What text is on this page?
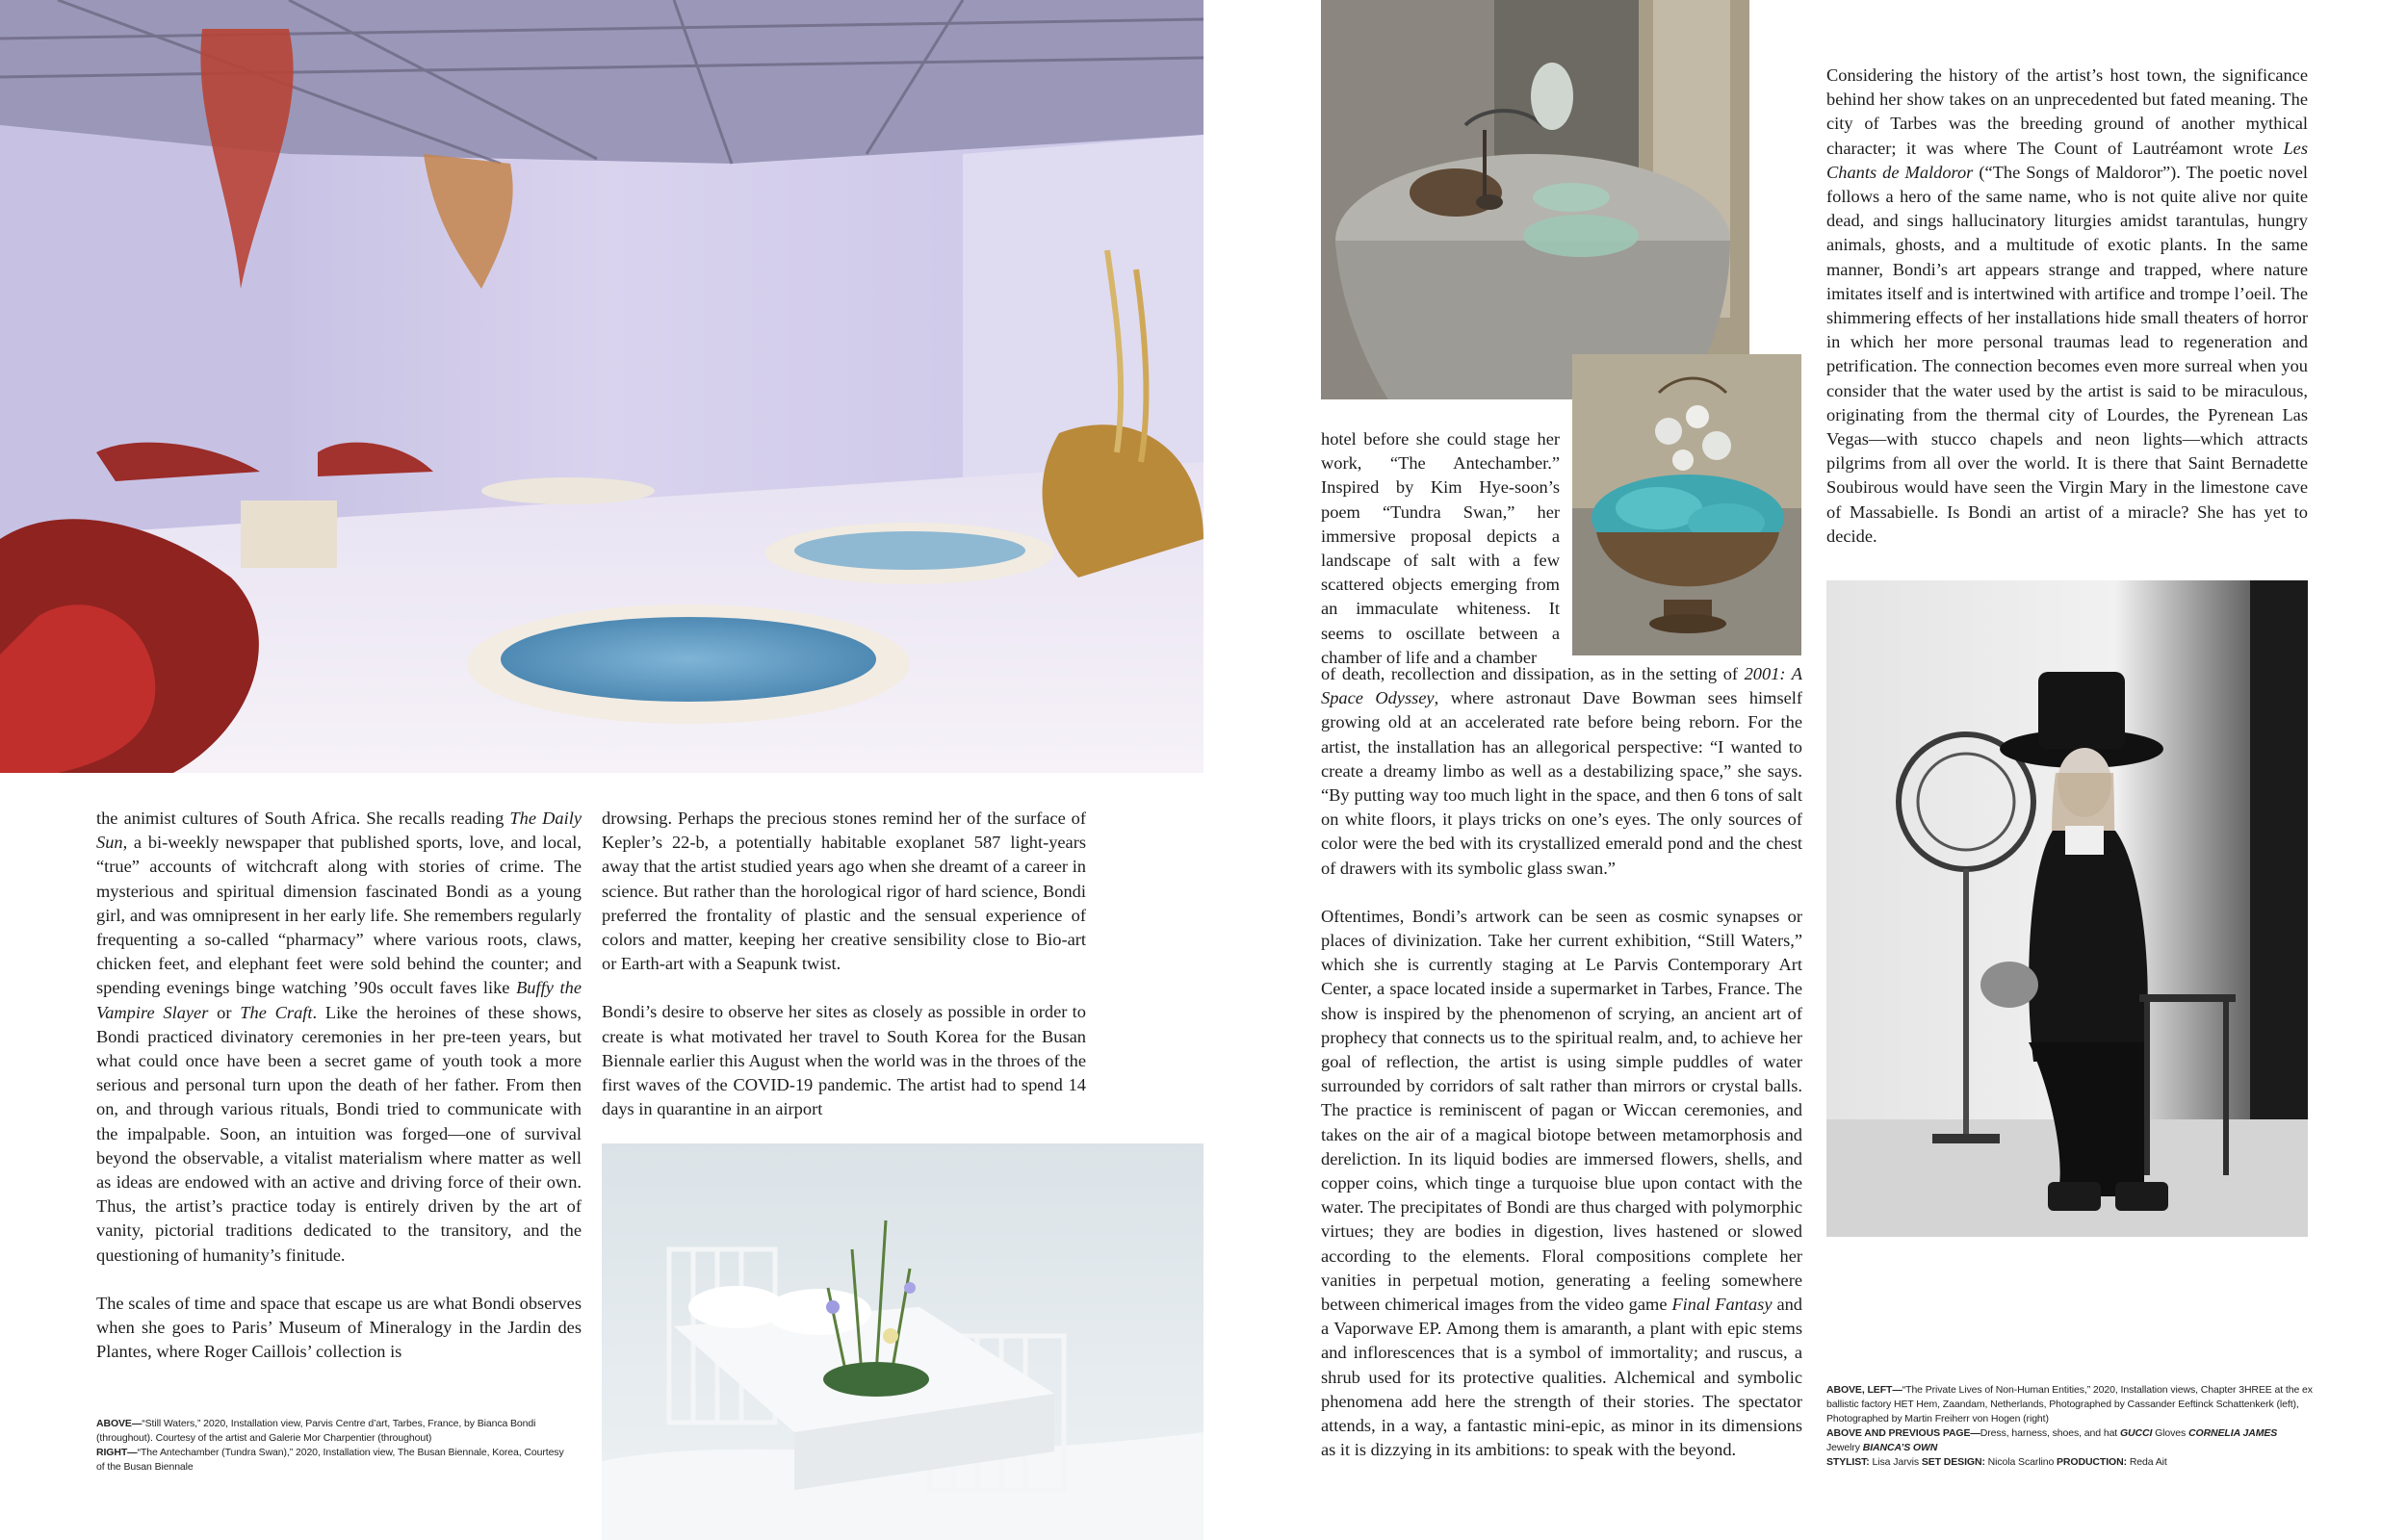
the animist cultures of South Africa. She recalls reading The Daily Sun, a bi-weekly newspaper that published sports, love, and local, “true” accounts of witchcraft along with stories of crime. The mysterious and spiritual dimension fascinated Bondi as a young girl, and was omnipresent in her early life. She remembers regularly frequenting a so-called “pharmacy” where various roots, claws, chicken feet, and elephant feet were sold behind the counter; and spending evenings binge watching ’90s occult faves like Buffy the Vampire Slayer or The Craft. Like the heroines of these shows, Bondi practiced divinatory ceremonies in her pre-teen years, but what could once have been a secret game of youth took a more serious and personal turn upon the death of her father. From then on, and through various rituals, Bondi tried to communicate with the impalpable. Soon, an intuition was forged—one of survival beyond the observable, a vitalist materialism where matter as well as ideas are endowed with an active and driving force of their own. Thus, the artist’s practice today is entirely driven by the art of vanity, pictorial traditions dedicated to the transitory, and the questioning of humanity’s finitude.

The scales of time and space that escape us are what Bondi observes when she goes to Paris’ Museum of Mineralogy in the Jardin des Plantes, where Roger Caillois’ collection is

drowsing. Perhaps the precious stones remind her of the surface of Kepler’s 22-b, a potentially habitable exoplanet 587 light-years away that the artist studied years ago when she dreamt of a career in science. But rather than the horological rigor of hard science, Bondi preferred the frontality of plastic and the sensual experience of colors and matter, keeping her creative sensibility close to Bio-art or Earth-art with a Seapunk twist.

Bondi’s desire to observe her sites as closely as possible in order to create is what motivated her travel to South Korea for the Busan Biennale earlier this August when the world was in the throes of the first waves of the COVID-19 pandemic. The artist had to spend 14 days in quarantine in an airport

ABOVE—“Still Waters,” 2020, Installation view, Parvis Centre d’art, Tarbes, France, by Bianca Bondi (throughout). Courtesy of the artist and Galerie Mor Charpentier (throughout)
RIGHT—“The Antechamber (Tundra Swan),” 2020, Installation view, The Busan Biennale, Korea, Courtesy of the Busan Biennale

hotel before she could stage her work, “The Antechamber.” Inspired by Kim Hye-soon’s poem “Tundra Swan,” her immersive proposal depicts a landscape of salt with a few scattered objects emerging from an immaculate whiteness. It seems to oscillate between a chamber of life and a chamber

of death, recollection and dissipation, as in the setting of 2001: A Space Odyssey, where astronaut Dave Bowman sees himself growing old at an accelerated rate before being reborn. For the artist, the installation has an allegorical perspective: “I wanted to create a dreamy limbo as well as a destabilizing space,” she says. “By putting way too much light in the space, and then 6 tons of salt on white floors, it plays tricks on one’s eyes. The only sources of color were the bed with its crystallized emerald pond and the chest of drawers with its symbolic glass swan.”

Oftentimes, Bondi’s artwork can be seen as cosmic synapses or places of divinization. Take her current exhibition, “Still Waters,” which she is currently staging at Le Parvis Contemporary Art Center, a space located inside a supermarket in Tarbes, France. The show is inspired by the phenomenon of scrying, an ancient art of prophecy that connects us to the spiritual realm, and, to achieve her goal of reflection, the artist is using simple puddles of water surrounded by corridors of salt rather than mirrors or crystal balls. The practice is reminiscent of pagan or Wiccan ceremonies, and takes on the air of a magical biotope between metamorphosis and dereliction. In its liquid bodies are immersed flowers, shells, and copper coins, which tinge a turquoise blue upon contact with the water. The precipitates of Bondi are thus charged with polymorphic virtues; they are bodies in digestion, lives hastened or slowed according to the elements. Floral compositions complete her vanities in perpetual motion, generating a feeling somewhere between chimerical images from the video game Final Fantasy and a Vaporwave EP. Among them is amaranth, a plant with epic stems and inflorescences that is a symbol of immortality; and ruscus, a shrub used for its protective qualities. Alchemical and symbolic phenomena add here the strength of their stories. The spectator attends, in a way, a fantastic mini-epic, as minor in its dimensions as it is dizzying in its ambitions: to speak with the beyond.

Considering the history of the artist’s host town, the significance behind her show takes on an unprecedented but fated meaning. The city of Tarbes was the breeding ground of another mythical character; it was where The Count of Lautréamont wrote Les Chants de Maldoror (“The Songs of Maldoror”). The poetic novel follows a hero of the same name, who is not quite alive nor quite dead, and sings hallucinatory liturgies amidst tarantulas, hungry animals, ghosts, and a multitude of exotic plants. In the same manner, Bondi’s art appears strange and trapped, where nature imitates itself and is intertwined with artifice and trompe l’oeil. The shimmering effects of her installations hide small theaters of horror in which her more personal traumas lead to regeneration and petrification. The connection becomes even more surreal when you consider that the water used by the artist is said to be miraculous, originating from the thermal city of Lourdes, the Pyrenean Las Vegas—with stucco chapels and neon lights—which attracts pilgrims from all over the world. It is there that Saint Bernadette Soubirous would have seen the Virgin Mary in the limestone cave of Massabielle. Is Bondi an artist of a miracle? She has yet to decide.

ABOVE, LEFT—“The Private Lives of Non-Human Entities,” 2020, Installation views, Chapter 3HREE at the ex ballistic factory HET Hem, Zaandam, Netherlands, Photographed by Cassander Eeftinck Schattenkerk (left), Photographed by Martin Freiherr von Hogen (right)
ABOVE AND PREVIOUS PAGE—Dress, harness, shoes, and hat GUCCI Gloves CORNELIA JAMES
Jewelry BIANCA’S OWN
STYLIST: Lisa Jarvis SET DESIGN: Nicola Scarlino PRODUCTION: Reda Ait
